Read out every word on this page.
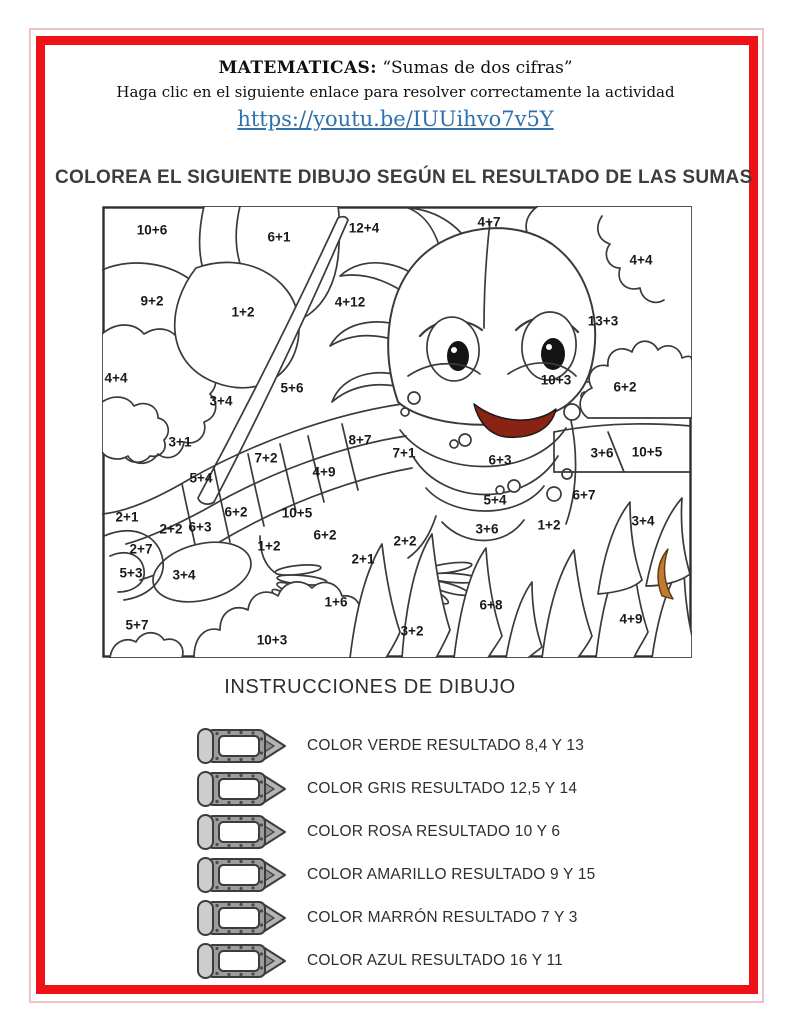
MATEMATICAS: “Sumas de dos cifras”
Haga clic en el siguiente enlace para resolver correctamente la actividad
https://youtu.be/IUUihvo7v5Y
COLOREA EL SIGUIENTE DIBUJO SEGÚN EL RESULTADO DE LAS SUMAS
10+6	6+1
12+4	4+7
4+4
9+2
1+2
4+12
13+3
4+4
5+6
10+3	6+2
3+4
3+1
7+2
8+7
7+1
5+4	4+9
6+3	3+6 10+5
2+1	6+2	10+5
6+7
5+4
2+2 6+3
6+2
3+4
2+7	1+2
3+6	1+2
2+1
2+2
5+3 3+4
1+6	6+8
5+7
10+3
3+2
4+9
INSTRUCCIONES DE DIBUJO
COLOR VERDE RESULTADO 8,4 Y 13
COLOR GRIS RESULTADO 12,5 Y 14
COLOR ROSA RESULTADO 10 Y 6
COLOR AMARILLO RESULTADO 9 Y 15
COLOR MARRÓN RESULTADO 7 Y 3
COLOR AZUL RESULTADO 16 Y 11
